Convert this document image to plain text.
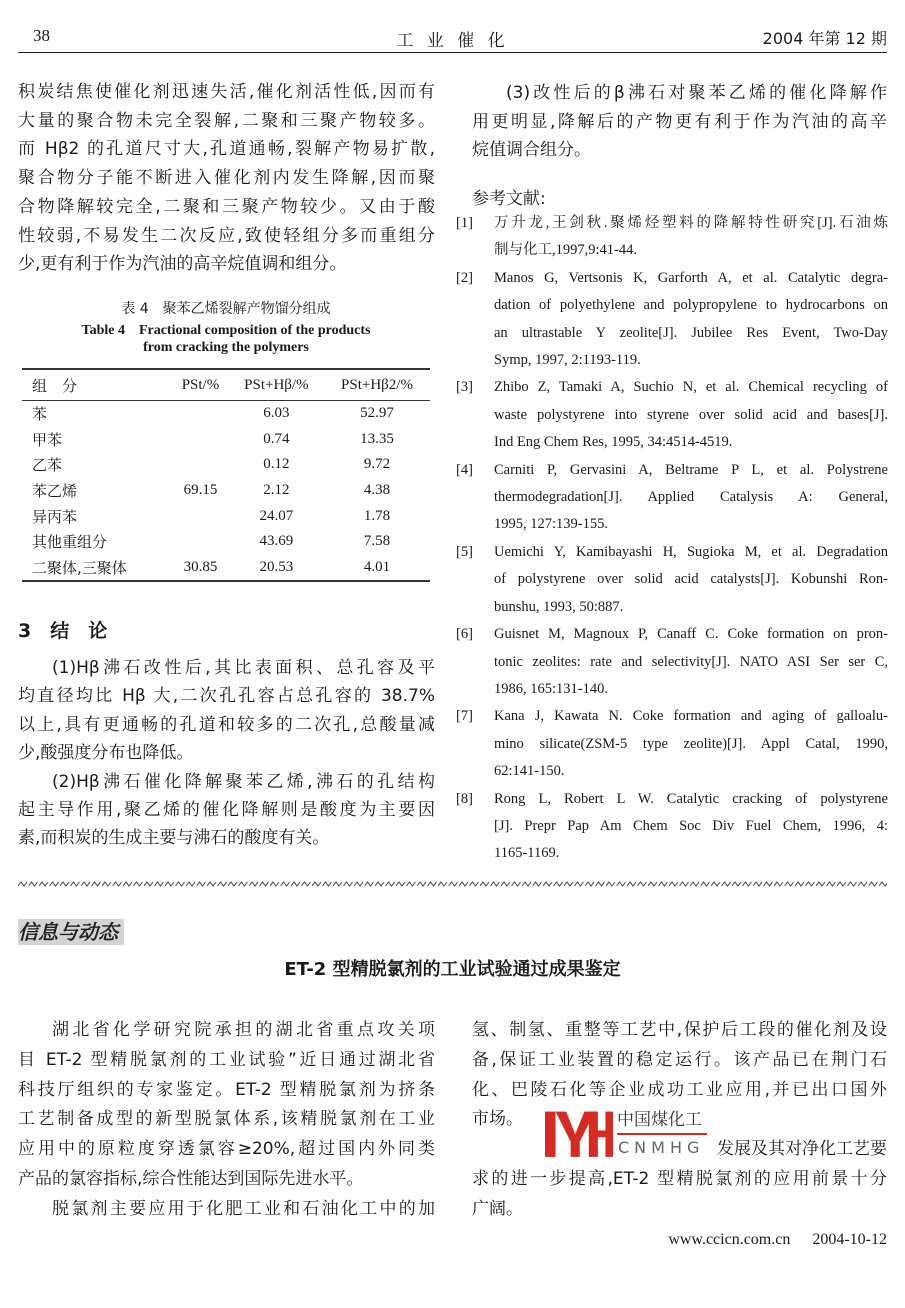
38	工 业 催 化	2004 年第 12 期
积炭结焦使催化剂迅速失活,催化剂活性低,因而有
大量的聚合物未完全裂解,二聚和三聚产物较多。
而 Hβ2 的孔道尺寸大,孔道通畅,裂解产物易扩散,
聚合物分子能不断进入催化剂内发生降解,因而聚
合物降解较完全,二聚和三聚产物较少。又由于酸
性较弱,不易发生二次反应,致使轻组分多而重组分
少,更有利于作为汽油的高辛烷值调和组分。
表 4　聚苯乙烯裂解产物馏分组成
Table 4　Fractional composition of the products
from cracking the polymers
组　分	PSt/%	PSt+Hβ/%	PSt+Hβ2/%
苯		6.03	52.97
甲苯		0.74	13.35
乙苯		0.12	9.72
苯乙烯	69.15	2.12	4.38
异丙苯		24.07	1.78
其他重组分		43.69	7.58
二聚体,三聚体	30.85	20.53	4.01
3　结　论
(1)Hβ沸石改性后,其比表面积、总孔容及平
均直径均比 Hβ 大,二次孔孔容占总孔容的 38.7%
以上,具有更通畅的孔道和较多的二次孔,总酸量减
少,酸强度分布也降低。
(2)Hβ沸石催化降解聚苯乙烯,沸石的孔结构
起主导作用,聚乙烯的催化降解则是酸度为主要因
素,而积炭的生成主要与沸石的酸度有关。
(3)改性后的β沸石对聚苯乙烯的催化降解作
用更明显,降解后的产物更有利于作为汽油的高辛
烷值调合组分。
参考文献:
[1] 万升龙,王剑秋.聚烯烃塑料的降解特性研究[J].石油炼
制与化工,1997,9:41-44.
[2] Manos G, Vertsonis K, Garforth A, et al. Catalytic degra-
dation of polyethylene and polypropylene to hydrocarbons on
an ultrastable Y zeolite[J]. Jubilee Res Event, Two-Day
Symp, 1997, 2:1193-119.
[3] Zhibo Z, Tamaki A, Suchio N, et al. Chemical recycling of
waste polystyrene into styrene over solid acid and bases[J].
Ind Eng Chem Res, 1995, 34:4514-4519.
[4] Carniti P, Gervasini A, Beltrame P L, et al. Polystrene
thermodegradation[J]. Applied Catalysis A: General,
1995, 127:139-155.
[5] Uemichi Y, Kamibayashi H, Sugioka M, et al. Degradation
of polystyrene over solid acid catalysts[J]. Kobunshi Ron-
bunshu, 1993, 50:887.
[6] Guisnet M, Magnoux P, Canaff C. Coke formation on pron-
tonic zeolites: rate and selectivity[J]. NATO ASI Ser ser C,
1986, 165:131-140.
[7] Kana J, Kawata N. Coke formation and aging of galloalu-
mino silicate(ZSM-5 type zeolite)[J]. Appl Catal, 1990,
62:141-150.
[8] Rong L, Robert L W. Catalytic cracking of polystyrene
[J]. Prepr Pap Am Chem Soc Div Fuel Chem, 1996, 4:
1165-1169.
信息与动态
ET-2 型精脱氯剂的工业试验通过成果鉴定
湖北省化学研究院承担的湖北省重点攻关项
目 ET-2 型精脱氯剂的工业试验”近日通过湖北省
科技厅组织的专家鉴定。ET-2 型精脱氯剂为挤条
工艺制备成型的新型脱氯体系,该精脱氯剂在工业
应用中的原粒度穿透氯容≥20%,超过国内外同类
产品的氯容指标,综合性能达到国际先进水平。
脱氯剂主要应用于化肥工业和石油化工中的加
氢、制氢、重整等工艺中,保护后工段的催化剂及设
备,保证工业装置的稳定运行。该产品已在荆门石
化、巴陵石化等企业成功工业应用,并已出口国外
市场。
发展及其对净化工艺要
求的进一步提高,ET-2 型精脱氯剂的应用前景十分
广阔。
中国煤化工
CNMHG
www.ccicn.com.cn 2004-10-12
